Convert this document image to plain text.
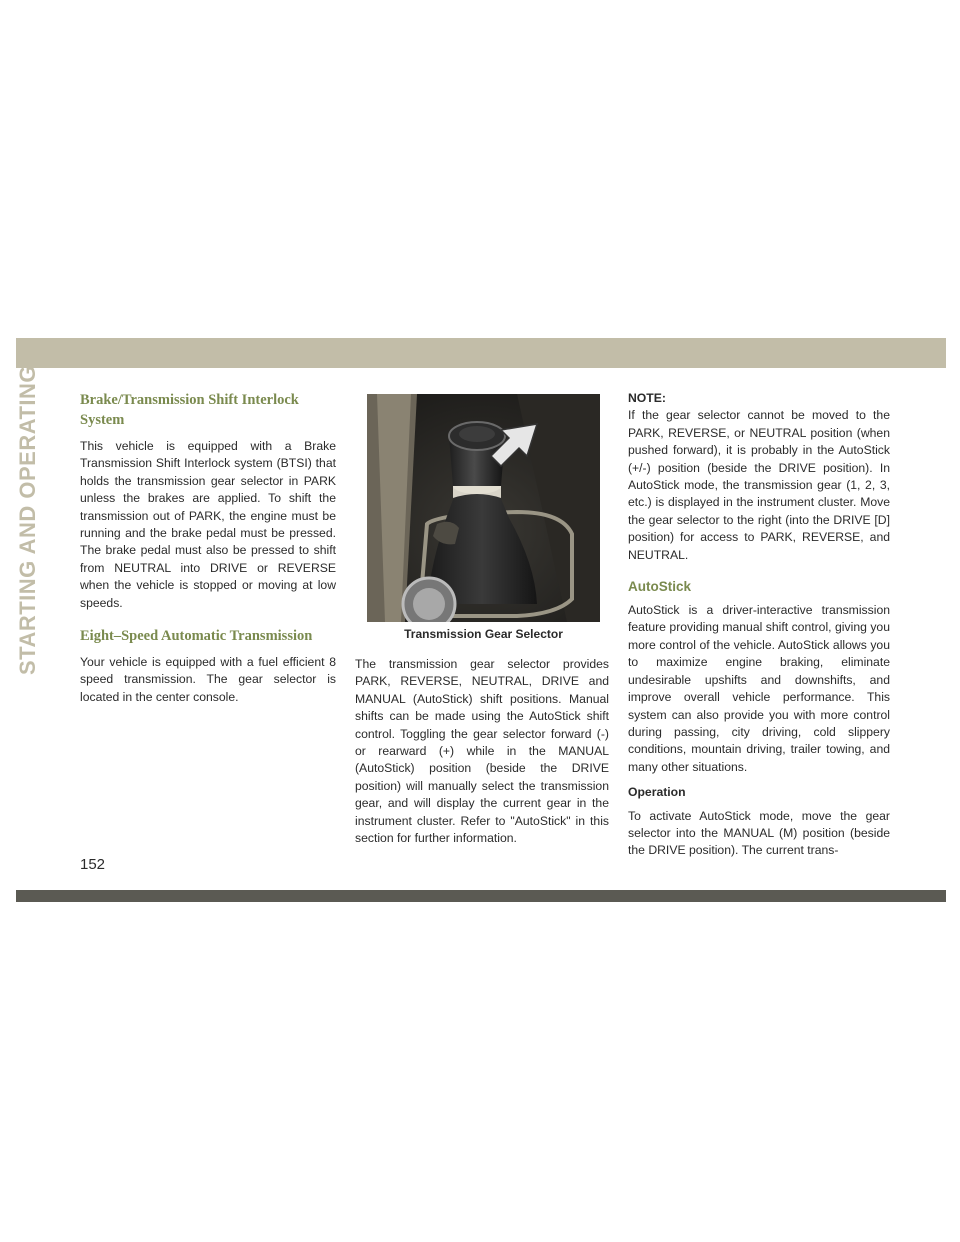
STARTING AND OPERATING	Brake/Transmission Shift Interlock System

This vehicle is equipped with a Brake Transmission Shift Interlock system (BTSI) that holds the transmission gear selector in PARK unless the brakes are applied. To shift the transmission out of PARK, the engine must be running and the brake pedal must be pressed. The brake pedal must also be pressed to shift from NEUTRAL into DRIVE or REVERSE when the vehicle is stopped or moving at low speeds.

Eight–Speed Automatic Transmission

Your vehicle is equipped with a fuel efficient 8 speed transmission. The gear selector is located in the center console.

Transmission Gear Selector

The transmission gear selector provides PARK, REVERSE, NEUTRAL, DRIVE and MANUAL (AutoStick) shift positions. Manual shifts can be made using the AutoStick shift control. Toggling the gear selector forward (-) or rearward (+) while in the MANUAL (AutoStick) position (beside the DRIVE position) will manually select the transmission gear, and will display the current gear in the instrument cluster. Refer to "AutoStick" in this section for further information.

NOTE:

If the gear selector cannot be moved to the PARK, REVERSE, or NEUTRAL position (when pushed forward), it is probably in the AutoStick (+/-) position (beside the DRIVE position). In AutoStick mode, the transmission gear (1, 2, 3, etc.) is displayed in the instrument cluster. Move the gear selector to the right (into the DRIVE [D] position) for access to PARK, REVERSE, and NEUTRAL.

AutoStick

AutoStick is a driver-interactive transmission feature providing manual shift control, giving you more control of the vehicle. AutoStick allows you to maximize engine braking, eliminate undesirable upshifts and downshifts, and improve overall vehicle performance. This system can also provide you with more control during passing, city driving, cold slippery conditions, mountain driving, trailer towing, and many other situations.

Operation

To activate AutoStick mode, move the gear selector into the MANUAL (M) position (beside the DRIVE position). The current trans-

152
